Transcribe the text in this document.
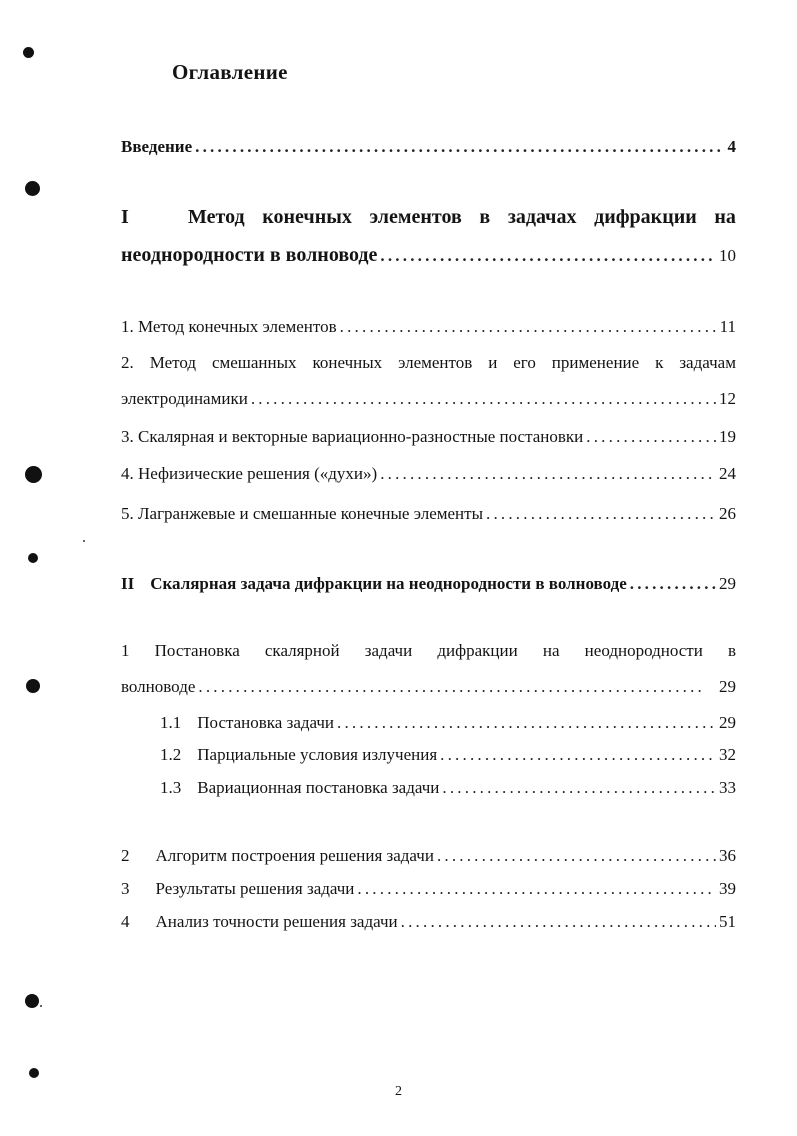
Оглавление
Введение .....	4
I	Метод конечных элементов в задачах дифракции на
неоднородности в волноводе .....	10
1. Метод конечных элементов .....	11
2. Метод смешанных конечных элементов и его применение к задачам
электродинамики .....	12
3. Скалярная и векторные вариационно-разностные постановки .....	19
4. Нефизические решения («духи») .....	24
5. Лагранжевые и смешанные конечные элементы .....	26
II Скалярная задача дифракции на неоднородности в волноводе .....	29
1 Постановка скалярной задачи дифракции на неоднородности в
волноводе .....	29
1.1 Постановка задачи .....	29
1.2 Парциальные условия излучения .....	32
1.3 Вариационная постановка задачи .....	33
2 Алгоритм построения решения задачи .....	36
3 Результаты решения задачи .....	39
4 Анализ точности решения задачи .....	51
2
